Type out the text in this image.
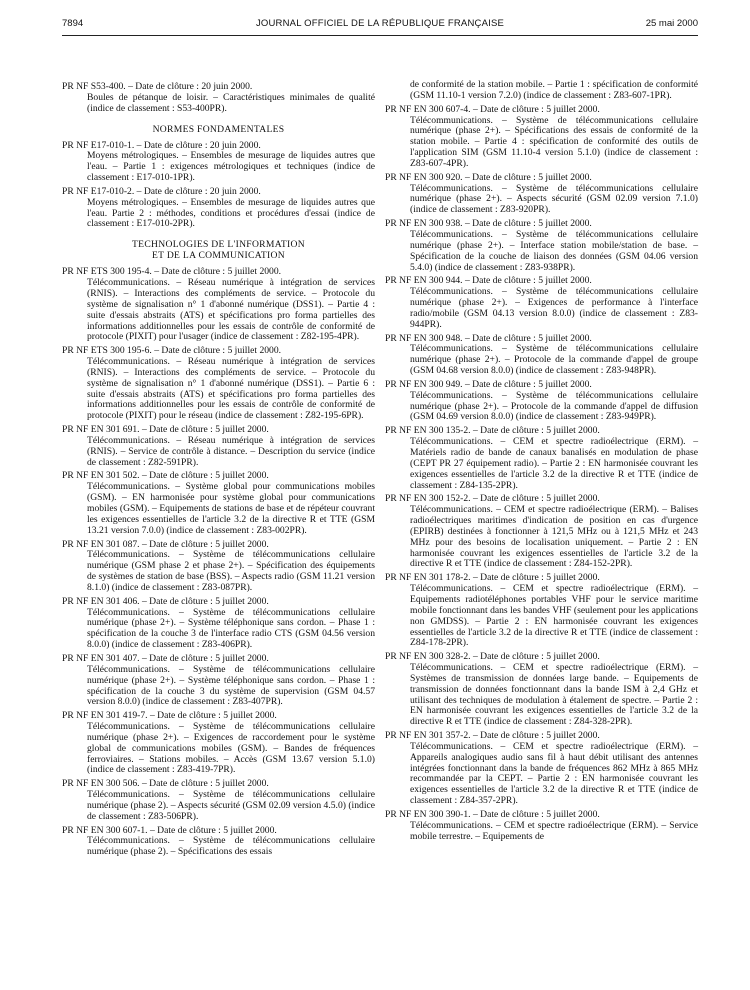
7894	JOURNAL OFFICIEL DE LA RÉPUBLIQUE FRANÇAISE	25 mai 2000

PR NF S53-400. – Date de clôture : 20 juin 2000.

Boules de pétanque de loisir. – Caractéristiques minimales de qualité (indice de classement : S53-400PR).

NORMES FONDAMENTALES

PR NF E17-010-1. – Date de clôture : 20 juin 2000.

Moyens métrologiques. – Ensembles de mesurage de liquides autres que l'eau. – Partie 1 : exigences métrologiques et techniques (indice de classement : E17-010-1PR).

PR NF E17-010-2. – Date de clôture : 20 juin 2000.

Moyens métrologiques. – Ensembles de mesurage de liquides autres que l'eau. Partie 2 : méthodes, conditions et procédures d'essai (indice de classement : E17-010-2PR).

TECHNOLOGIES DE L'INFORMATION
ET DE LA COMMUNICATION

PR NF ETS 300 195-4. – Date de clôture : 5 juillet 2000.

Télécommunications. – Réseau numérique à intégration de services (RNIS). – Interactions des compléments de service. – Protocole du système de signalisation n° 1 d'abonné numérique (DSS1). – Partie 4 : suite d'essais abstraits (ATS) et spécifications pro forma partielles des informations additionnelles pour les essais de contrôle de conformité de protocole (PIXIT) pour l'usager (indice de classement : Z82-195-4PR).

PR NF ETS 300 195-6. – Date de clôture : 5 juillet 2000.

Télécommunications. – Réseau numérique à intégration de services (RNIS). – Interactions des compléments de service. – Protocole du système de signalisation n° 1 d'abonné numérique (DSS1). – Partie 6 : suite d'essais abstraits (ATS) et spécifications pro forma partielles des informations additionnelles pour les essais de contrôle de conformité de protocole (PIXIT) pour le réseau (indice de classement : Z82-195-6PR).

PR NF EN 301 691. – Date de clôture : 5 juillet 2000.

Télécommunications. – Réseau numérique à intégration de services (RNIS). – Service de contrôle à distance. – Description du service (indice de classement : Z82-591PR).

PR NF EN 301 502. – Date de clôture : 5 juillet 2000.

Télécommunications. – Système global pour communications mobiles (GSM). – EN harmonisée pour système global pour communications mobiles (GSM). – Equipements de stations de base et de répéteur couvrant les exigences essentielles de l'article 3.2 de la directive R et TTE (GSM 13.21 version 7.0.0) (indice de classement : Z83-002PR).

PR NF EN 301 087. – Date de clôture : 5 juillet 2000.

Télécommunications. – Système de télécommunications cellulaire numérique (GSM phase 2 et phase 2+). – Spécification des équipements de systèmes de station de base (BSS). – Aspects radio (GSM 11.21 version 8.1.0) (indice de classement : Z83-087PR).

PR NF EN 301 406. – Date de clôture : 5 juillet 2000.

Télécommunications. – Système de télécommunications cellulaire numérique (phase 2+). – Système téléphonique sans cordon. – Phase 1 : spécification de la couche 3 de l'interface radio CTS (GSM 04.56 version 8.0.0) (indice de classement : Z83-406PR).

PR NF EN 301 407. – Date de clôture : 5 juillet 2000.

Télécommunications. – Système de télécommunications cellulaire numérique (phase 2+). – Système téléphonique sans cordon. – Phase 1 : spécification de la couche 3 du système de supervision (GSM 04.57 version 8.0.0) (indice de classement : Z83-407PR).

PR NF EN 301 419-7. – Date de clôture : 5 juillet 2000.

Télécommunications. – Système de télécommunications cellulaire numérique (phase 2+). – Exigences de raccordement pour le système global de communications mobiles (GSM). – Bandes de fréquences ferroviaires. – Stations mobiles. – Accès (GSM 13.67 version 5.1.0) (indice de classement : Z83-419-7PR).

PR NF EN 300 506. – Date de clôture : 5 juillet 2000.

Télécommunications. – Système de télécommunications cellulaire numérique (phase 2). – Aspects sécurité (GSM 02.09 version 4.5.0) (indice de classement : Z83-506PR).

PR NF EN 300 607-1. – Date de clôture : 5 juillet 2000.

Télécommunications. – Système de télécommunications cellulaire numérique (phase 2). – Spécifications des essais

de conformité de la station mobile. – Partie 1 : spécification de conformité (GSM 11.10-1 version 7.2.0) (indice de classement : Z83-607-1PR).

PR NF EN 300 607-4. – Date de clôture : 5 juillet 2000.

Télécommunications. – Système de télécommunications cellulaire numérique (phase 2+). – Spécifications des essais de conformité de la station mobile. – Partie 4 : spécification de conformité des outils de l'application SIM (GSM 11.10-4 version 5.1.0) (indice de classement : Z83-607-4PR).

PR NF EN 300 920. – Date de clôture : 5 juillet 2000.

Télécommunications. – Système de télécommunications cellulaire numérique (phase 2+). – Aspects sécurité (GSM 02.09 version 7.1.0) (indice de classement : Z83-920PR).

PR NF EN 300 938. – Date de clôture : 5 juillet 2000.

Télécommunications. – Système de télécommunications cellulaire numérique (phase 2+). – Interface station mobile/station de base. – Spécification de la couche de liaison des données (GSM 04.06 version 5.4.0) (indice de classement : Z83-938PR).

PR NF EN 300 944. – Date de clôture : 5 juillet 2000.

Télécommunications. – Système de télécommunications cellulaire numérique (phase 2+). – Exigences de performance à l'interface radio/mobile (GSM 04.13 version 8.0.0) (indice de classement : Z83-944PR).

PR NF EN 300 948. – Date de clôture : 5 juillet 2000.

Télécommunications. – Système de télécommunications cellulaire numérique (phase 2+). – Protocole de la commande d'appel de groupe (GSM 04.68 version 8.0.0) (indice de classement : Z83-948PR).

PR NF EN 300 949. – Date de clôture : 5 juillet 2000.

Télécommunications. – Système de télécommunications cellulaire numérique (phase 2+). – Protocole de la commande d'appel de diffusion (GSM 04.69 version 8.0.0) (indice de classement : Z83-949PR).

PR NF EN 300 135-2. – Date de clôture : 5 juillet 2000.

Télécommunications. – CEM et spectre radioélectrique (ERM). – Matériels radio de bande de canaux banalisés en modulation de phase (CEPT PR 27 équipement radio). – Partie 2 : EN harmonisée couvrant les exigences essentielles de l'article 3.2 de la directive R et TTE (indice de classement : Z84-135-2PR).

PR NF EN 300 152-2. – Date de clôture : 5 juillet 2000.

Télécommunications. – CEM et spectre radioélectrique (ERM). – Balises radioélectriques maritimes d'indication de position en cas d'urgence (EPIRB) destinées à fonctionner à 121,5 MHz ou à 121,5 MHz et 243 MHz pour des besoins de localisation uniquement. – Partie 2 : EN harmonisée couvrant les exigences essentielles de l'article 3.2 de la directive R et TTE (indice de classement : Z84-152-2PR).

PR NF EN 301 178-2. – Date de clôture : 5 juillet 2000.

Télécommunications. – CEM et spectre radioélectrique (ERM). – Equipements radiotéléphones portables VHF pour le service maritime mobile fonctionnant dans les bandes VHF (seulement pour les applications non GMDSS). – Partie 2 : EN harmonisée couvrant les exigences essentielles de l'article 3.2 de la directive R et TTE (indice de classement : Z84-178-2PR).

PR NF EN 300 328-2. – Date de clôture : 5 juillet 2000.

Télécommunications. – CEM et spectre radioélectrique (ERM). – Systèmes de transmission de données large bande. – Equipements de transmission de données fonctionnant dans la bande ISM à 2,4 GHz et utilisant des techniques de modulation à étalement de spectre. – Partie 2 : EN harmonisée couvrant les exigences essentielles de l'article 3.2 de la directive R et TTE (indice de classement : Z84-328-2PR).

PR NF EN 301 357-2. – Date de clôture : 5 juillet 2000.

Télécommunications. – CEM et spectre radioélectrique (ERM). – Appareils analogiques audio sans fil à haut débit utilisant des antennes intégrées fonctionnant dans la bande de fréquences 862 MHz à 865 MHz recommandée par la CEPT. – Partie 2 : EN harmonisée couvrant les exigences essentielles de l'article 3.2 de la directive R et TTE (indice de classement : Z84-357-2PR).

PR NF EN 300 390-1. – Date de clôture : 5 juillet 2000.

Télécommunications. – CEM et spectre radioélectrique (ERM). – Service mobile terrestre. – Equipements de
